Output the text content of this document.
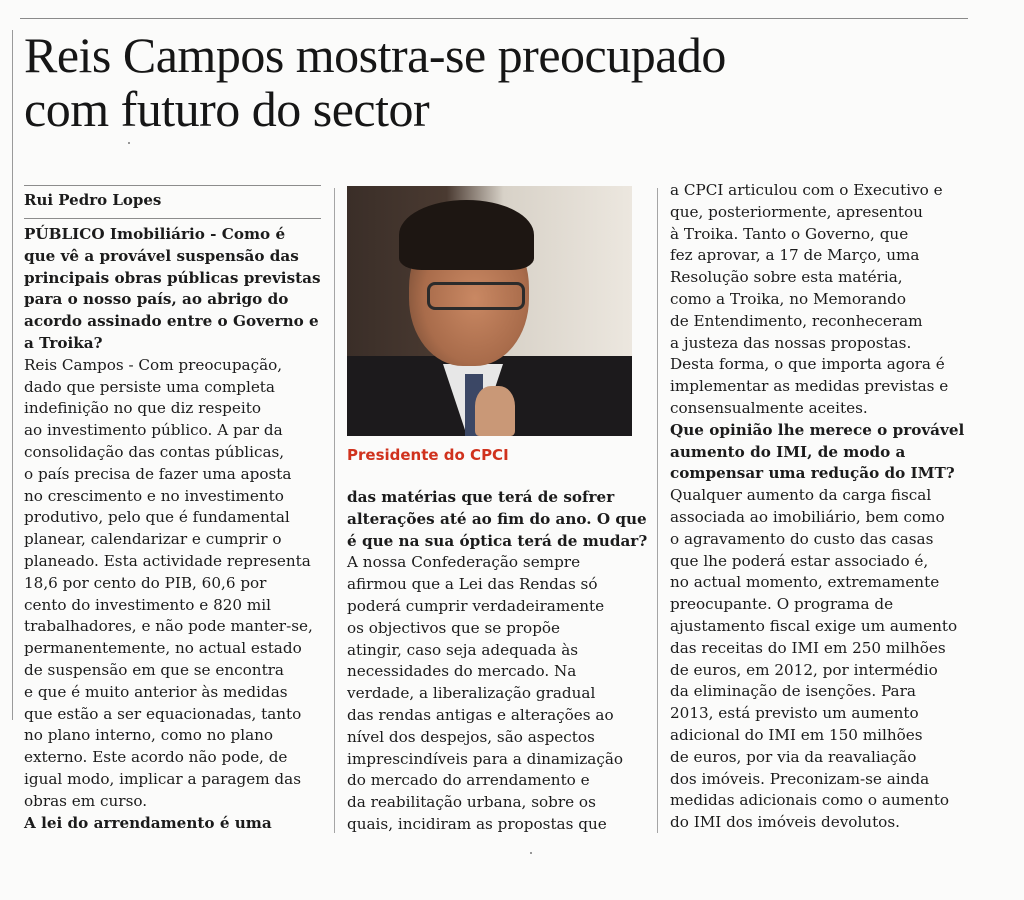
Reis Campos mostra-se preocupado
com futuro do sector

Rui Pedro Lopes

PÚBLICO Imobiliário - Como é

que vê a provável suspensão das

principais obras públicas previstas

para o nosso país, ao abrigo do

acordo assinado entre o Governo e

a Troika?

Reis Campos - Com preocupação,

dado que persiste uma completa

indefinição no que diz respeito

ao investimento público. A par da

consolidação das contas públicas,

o país precisa de fazer uma aposta

no crescimento e no investimento

produtivo, pelo que é fundamental

planear, calendarizar e cumprir o

planeado. Esta actividade representa

18,6 por cento do PIB, 60,6 por

cento do investimento e 820 mil

trabalhadores, e não pode manter-se,

permanentemente, no actual estado

de suspensão em que se encontra

e que é muito anterior às medidas

que estão a ser equacionadas, tanto

no plano interno, como no plano

externo. Este acordo não pode, de

igual modo, implicar a paragem das

obras em curso.

A lei do arrendamento é uma

Presidente do CPCI

das matérias que terá de sofrer

alterações até ao fim do ano. O que

é que na sua óptica terá de mudar?

A nossa Confederação sempre

afirmou que a Lei das Rendas só

poderá cumprir verdadeiramente

os objectivos que se propõe

atingir, caso seja adequada às

necessidades do mercado. Na

verdade, a liberalização gradual

das rendas antigas e alterações ao

nível dos despejos, são aspectos

imprescindíveis para a dinamização

do mercado do arrendamento e

da reabilitação urbana, sobre os

quais, incidiram as propostas que

a CPCI articulou com o Executivo e

que, posteriormente, apresentou

à Troika. Tanto o Governo, que

fez aprovar, a 17 de Março, uma

Resolução sobre esta matéria,

como a Troika, no Memorando

de Entendimento, reconheceram

a justeza das nossas propostas.

Desta forma, o que importa agora é

implementar as medidas previstas e

consensualmente aceites.

Que opinião lhe merece o provável

aumento do IMI, de modo a

compensar uma redução do IMT?

Qualquer aumento da carga fiscal

associada ao imobiliário, bem como

o agravamento do custo das casas

que lhe poderá estar associado é,

no actual momento, extremamente

preocupante. O programa de

ajustamento fiscal exige um aumento

das receitas do IMI em 250 milhões

de euros, em 2012, por intermédio

da eliminação de isenções. Para

2013, está previsto um aumento

adicional do IMI em 150 milhões

de euros, por via da reavaliação

dos imóveis. Preconizam-se ainda

medidas adicionais como o aumento

do IMI dos imóveis devolutos.
